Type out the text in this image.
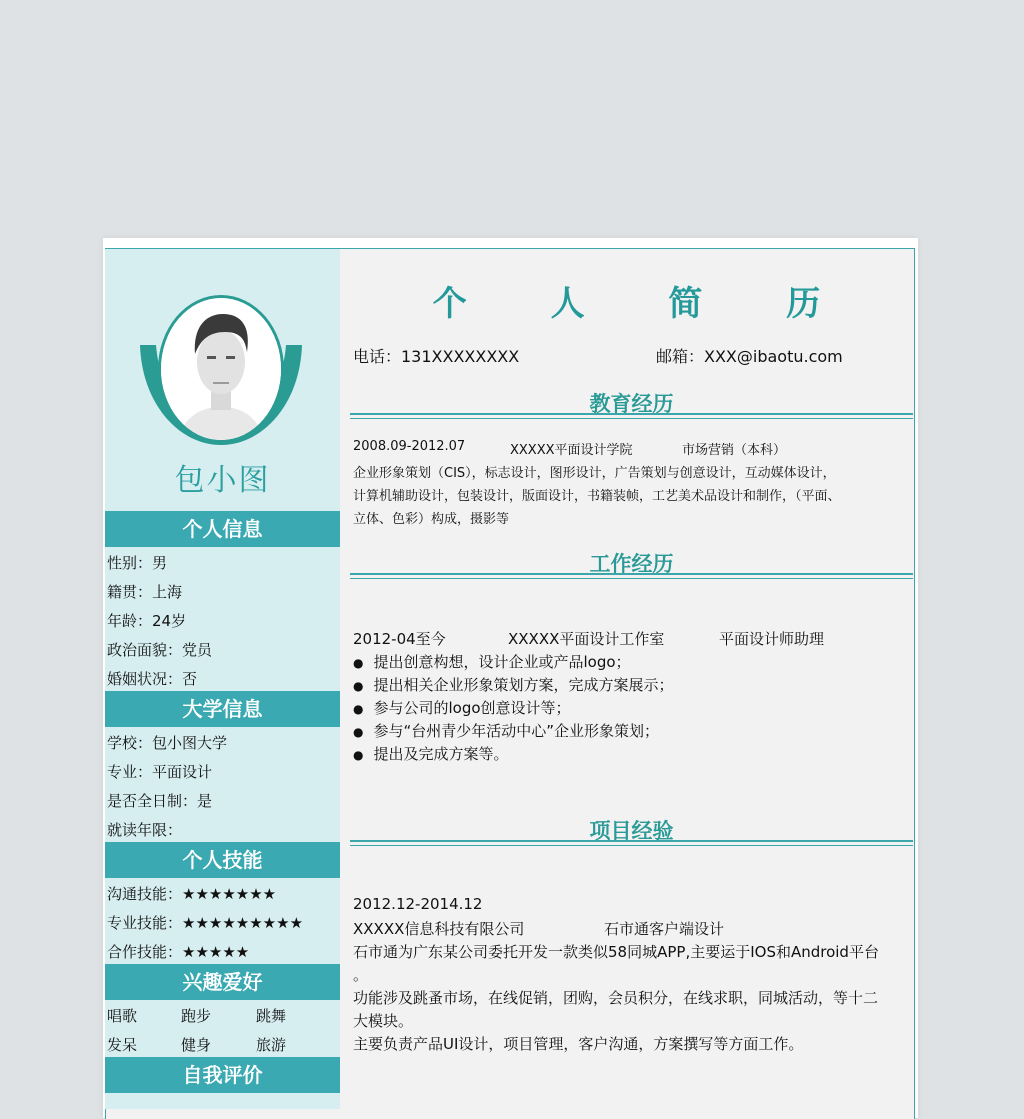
包小图
个人信息
性别：男
籍贯：上海
年龄：24岁
政治面貌：党员
婚姻状况：否
大学信息
学校：包小图大学
专业：平面设计
是否全日制：是
就读年限：
个人技能
沟通技能：★★★★★★★
专业技能：★★★★★★★★★
合作技能：★★★★★
兴趣爱好
唱歌	跑步	跳舞
发呆	健身	旅游
自我评价
个 人 简 历
电话：131XXXXXXXX	邮箱：XXX@ibaotu.com
教育经历
2008.09-2012.07	XXXXX平面设计学院	市场营销（本科）
企业形象策划（CIS），标志设计，图形设计，广告策划与创意设计，互动媒体设计，
计算机辅助设计，包装设计，版面设计，书籍装帧，工艺美术品设计和制作，（平面、
立体、色彩）构成，摄影等
工作经历
2012-04至今	XXXXX平面设计工作室	平面设计师助理
● 提出创意构想，设计企业或产品logo；
● 提出相关企业形象策划方案，完成方案展示；
● 参与公司的logo创意设计等；
● 参与“台州青少年活动中心”企业形象策划；
● 提出及完成方案等。
项目经验
2012.12-2014.12
XXXXX信息科技有限公司	石市通客户端设计
石市通为广东某公司委托开发一款类似58同城APP,主要运于IOS和Android平台
。
功能涉及跳蚤市场，在线促销，团购，会员积分，在线求职，同城活动，等十二
大模块。
主要负责产品UI设计，项目管理，客户沟通，方案撰写等方面工作。
